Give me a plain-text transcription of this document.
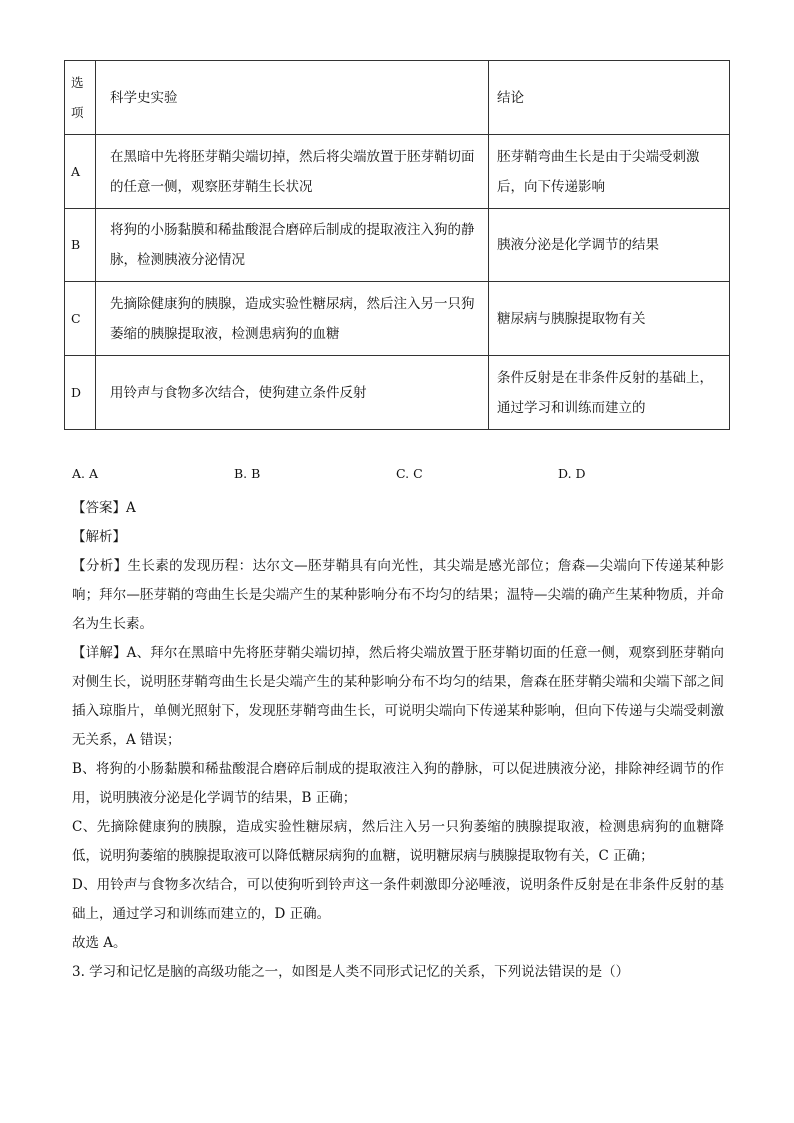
选项	科学史实验	结论
A	在黑暗中先将胚芽鞘尖端切掉，然后将尖端放置于胚芽鞘切面的任意一侧，观察胚芽鞘生长状况	胚芽鞘弯曲生长是由于尖端受刺激后，向下传递影响
B	将狗的小肠黏膜和稀盐酸混合磨碎后制成的提取液注入狗的静脉，检测胰液分泌情况	胰液分泌是化学调节的结果
C	先摘除健康狗的胰腺，造成实验性糖尿病，然后注入另一只狗萎缩的胰腺提取液，检测患病狗的血糖	糖尿病与胰腺提取物有关
D	用铃声与食物多次结合，使狗建立条件反射	条件反射是在非条件反射的基础上，通过学习和训练而建立的
A. A	B. B	C. C	D. D

【答案】A

【解析】

【分析】生长素的发现历程：达尔文—胚芽鞘具有向光性，其尖端是感光部位；詹森—尖端向下传递某种影响；拜尔—胚芽鞘的弯曲生长是尖端产生的某种影响分布不均匀的结果；温特—尖端的确产生某种物质，并命名为生长素。

【详解】A、拜尔在黑暗中先将胚芽鞘尖端切掉，然后将尖端放置于胚芽鞘切面的任意一侧，观察到胚芽鞘向对侧生长，说明胚芽鞘弯曲生长是尖端产生的某种影响分布不均匀的结果，詹森在胚芽鞘尖端和尖端下部之间插入琼脂片，单侧光照射下，发现胚芽鞘弯曲生长，可说明尖端向下传递某种影响，但向下传递与尖端受刺激无关系，A 错误；

B、将狗的小肠黏膜和稀盐酸混合磨碎后制成的提取液注入狗的静脉，可以促进胰液分泌，排除神经调节的作用，说明胰液分泌是化学调节的结果，B 正确；

C、先摘除健康狗的胰腺，造成实验性糖尿病，然后注入另一只狗萎缩的胰腺提取液，检测患病狗的血糖降低，说明狗萎缩的胰腺提取液可以降低糖尿病狗的血糖，说明糖尿病与胰腺提取物有关，C 正确；

D、用铃声与食物多次结合，可以使狗听到铃声这一条件刺激即分泌唾液，说明条件反射是在非条件反射的基础上，通过学习和训练而建立的，D 正确。

故选 A。

3. 学习和记忆是脑的高级功能之一，如图是人类不同形式记忆的关系，下列说法错误的是（）
